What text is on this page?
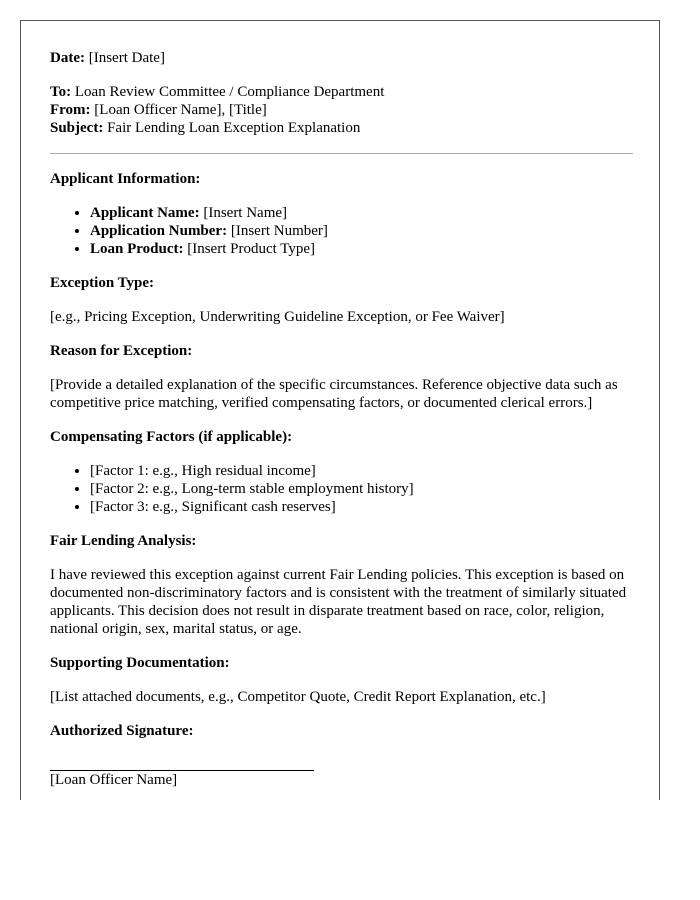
Date: [Insert Date]
To: Loan Review Committee / Compliance Department
From: [Loan Officer Name], [Title]
Subject: Fair Lending Loan Exception Explanation
Applicant Information:
• Applicant Name: [Insert Name]
• Application Number: [Insert Number]
• Loan Product: [Insert Product Type]
Exception Type:

[e.g., Pricing Exception, Underwriting Guideline Exception, or Fee Waiver]

Reason for Exception:

[Provide a detailed explanation of the specific circumstances. Reference objective data such as competitive price matching, verified compensating factors, or documented clerical errors.]

Compensating Factors (if applicable):
• [Factor 1: e.g., High residual income]
• [Factor 2: e.g., Long-term stable employment history]
• [Factor 3: e.g., Significant cash reserves]
Fair Lending Analysis:

I have reviewed this exception against current Fair Lending policies. This exception is based on documented non-discriminatory factors and is consistent with the treatment of similarly situated applicants. This decision does not result in disparate treatment based on race, color, religion, national origin, sex, marital status, or age.

Supporting Documentation:

[List attached documents, e.g., Competitor Quote, Credit Report Explanation, etc.]

Authorized Signature:
[Loan Officer Name]
